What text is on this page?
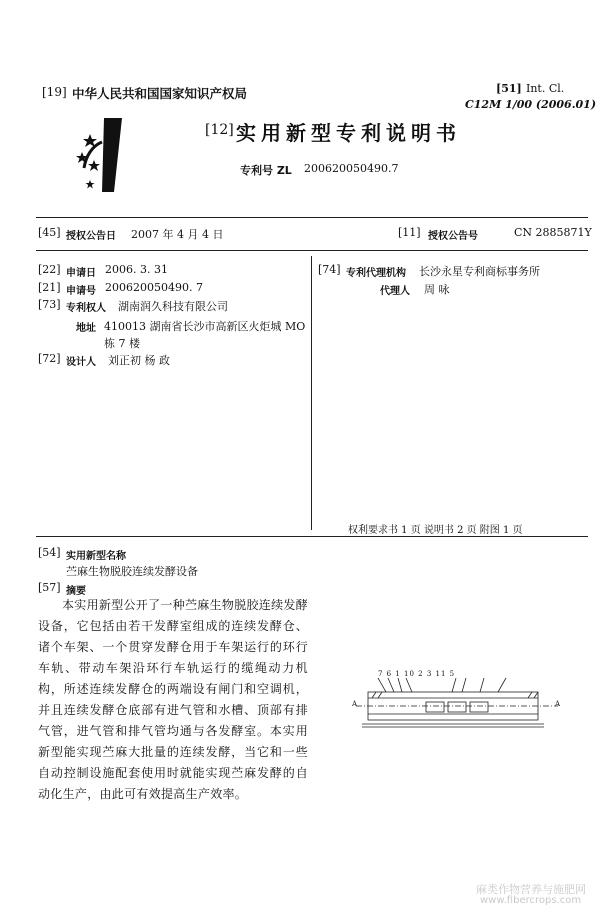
[19] 中华人民共和国国家知识产权局	[51] Int. Cl.
C12M 1/00 (2006.01)
[12] 实用新型专利说明书
专利号 ZL 200620050490.7
[45] 授权公告日 2007 年 4 月 4 日	[11] 授权公告号	CN 2885871Y
[22] 申请日 2006. 3. 31
[21] 申请号 200620050490. 7
[73] 专利权人 湖南润久科技有限公司
地址 410013 湖南省长沙市高新区火炬城 MO
栋 7 楼
[72] 设计人 刘正初 杨 政
[74] 专利代理机构 长沙永星专利商标事务所
代理人 周 咏
权利要求书 1 页 说明书 2 页 附图 1 页
[54] 实用新型名称
苎麻生物脱胶连续发酵设备
[57] 摘要

本实用新型公开了一种苎麻生物脱胶连续发酵设备，它包括由若干发酵室组成的连续发酵仓、诸个车架、一个贯穿发酵仓用于车架运行的环行车轨、带动车架沿环行车轨运行的缆绳动力机构，所述连续发酵仓的两端设有闸门和空调机，并且连续发酵仓底部有进气管和水槽、顶部有排气管，进气管和排气管均通与各发酵室。本实用新型能实现苎麻大批量的连续发酵，当它和一些自动控制设施配套使用时就能实现苎麻发酵的自动化生产，由此可有效提高生产效率。

7 6 1 10 2 3 11 5
A	A
麻类作物营养与施肥网
www.fibercrops.com
